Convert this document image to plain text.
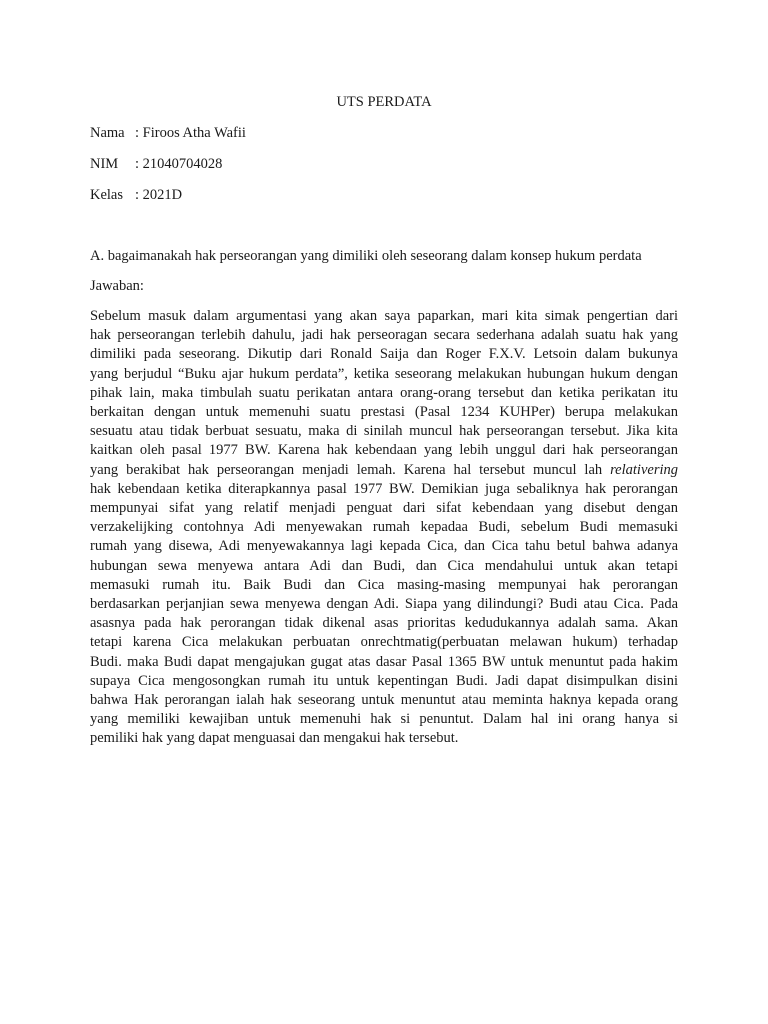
UTS PERDATA
Nama : Firoos Atha Wafii
NIM : 21040704028
Kelas : 2021D
A. bagaimanakah hak perseorangan yang dimiliki oleh seseorang dalam konsep hukum perdata
Jawaban:
Sebelum masuk dalam argumentasi yang akan saya paparkan, mari kita simak pengertian dari
hak perseorangan terlebih dahulu, jadi hak perseoragan secara sederhana adalah suatu hak yang
dimiliki pada seseorang. Dikutip dari Ronald Saija dan Roger F.X.V. Letsoin dalam bukunya
yang berjudul “Buku ajar hukum perdata”, ketika seseorang melakukan hubungan hukum dengan
pihak lain, maka timbulah suatu perikatan antara orang-orang tersebut dan ketika perikatan itu
berkaitan dengan untuk memenuhi suatu prestasi (Pasal 1234 KUHPer) berupa melakukan
sesuatu atau tidak berbuat sesuatu, maka di sinilah muncul hak perseorangan tersebut. Jika kita
kaitkan oleh pasal 1977 BW. Karena hak kebendaan yang lebih unggul dari hak perseorangan
yang berakibat hak perseorangan menjadi lemah. Karena hal tersebut muncul lah relativering
hak kebendaan ketika diterapkannya pasal 1977 BW. Demikian juga sebaliknya hak perorangan
mempunyai sifat yang relatif menjadi penguat dari sifat kebendaan yang disebut dengan
verzakelijking contohnya Adi menyewakan rumah kepadaa Budi, sebelum Budi memasuki
rumah yang disewa, Adi menyewakannya lagi kepada Cica, dan Cica tahu betul bahwa adanya
hubungan sewa menyewa antara Adi dan Budi, dan Cica mendahului untuk akan tetapi
memasuki rumah itu. Baik Budi dan Cica masing-masing mempunyai hak perorangan
berdasarkan perjanjian sewa menyewa dengan Adi. Siapa yang dilindungi? Budi atau Cica. Pada
asasnya pada hak perorangan tidak dikenal asas prioritas kedudukannya adalah sama. Akan
tetapi karena Cica melakukan perbuatan onrechtmatig(perbuatan melawan hukum) terhadap
Budi. maka Budi dapat mengajukan gugat atas dasar Pasal 1365 BW untuk menuntut pada hakim
supaya Cica mengosongkan rumah itu untuk kepentingan Budi. Jadi dapat disimpulkan disini
bahwa Hak perorangan ialah hak seseorang untuk menuntut atau meminta haknya kepada orang
yang memiliki kewajiban untuk memenuhi hak si penuntut. Dalam hal ini orang hanya si
pemiliki hak yang dapat menguasai dan mengakui hak tersebut.
